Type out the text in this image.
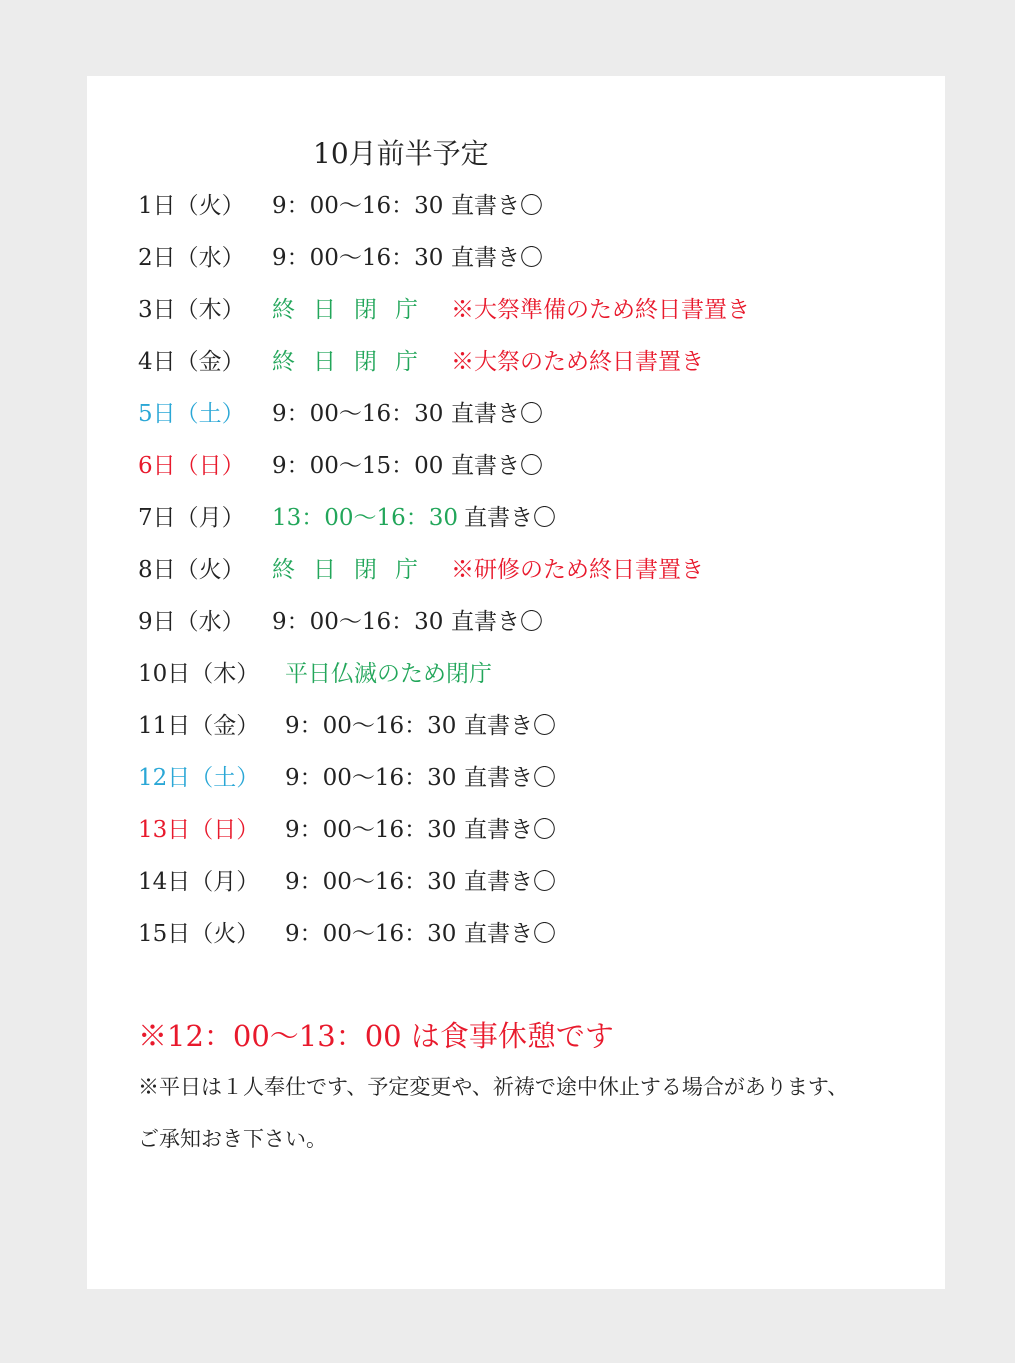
10月前半予定
1日（火） 9：00〜16：30 直書き〇
2日（水） 9：00〜16：30 直書き〇
3日（木） 終日閉庁 ※大祭準備のため終日書置き
4日（金） 終日閉庁 ※大祭のため終日書置き
5日（土） 9：00〜16：30 直書き〇
6日（日） 9：00〜15：00 直書き〇
7日（月） 13：00〜16：30 直書き〇
8日（火） 終日閉庁 ※研修のため終日書置き
9日（水） 9：00〜16：30 直書き〇
10日（木） 平日仏滅のため閉庁
11日（金） 9：00〜16：30 直書き〇
12日（土） 9：00〜16：30 直書き〇
13日（日） 9：00〜16：30 直書き〇
14日（月） 9：00〜16：30 直書き〇
15日（火） 9：00〜16：30 直書き〇
※12：00〜13：00 は食事休憩です
※平日は１人奉仕です、予定変更や、祈祷で途中休止する場合があります、
ご承知おき下さい。
